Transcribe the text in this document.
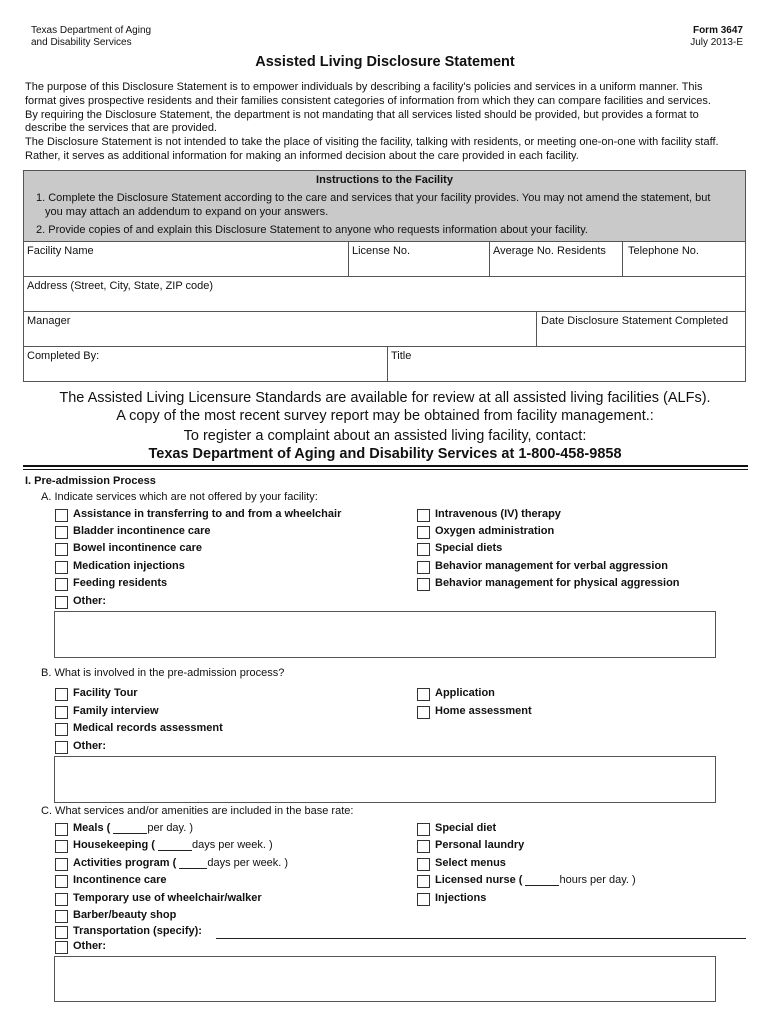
Texas Department of Aging
and Disability Services
Form 3647
July 2013-E
Assisted Living Disclosure Statement
The purpose of this Disclosure Statement is to empower individuals by describing a facility's policies and services in a uniform manner. This
format gives prospective residents and their families consistent categories of information from which they can compare facilities and services.
By requiring the Disclosure Statement, the department is not mandating that all services listed should be provided, but provides a format to
describe the services that are provided.
The Disclosure Statement is not intended to take the place of visiting the facility, talking with residents, or meeting one-on-one with facility staff.
Rather, it serves as additional information for making an informed decision about the care provided in each facility.
Instructions to the Facility
1. Complete the Disclosure Statement according to the care and services that your facility provides. You may not amend the statement, but
you may attach an addendum to expand on your answers.
2. Provide copies of and explain this Disclosure Statement to anyone who requests information about your facility.
Facility Name	License No.	Average No. Residents Telephone No.
Address (Street, City, State, ZIP code)
Manager	Date Disclosure Statement Completed
Completed By:	Title
The Assisted Living Licensure Standards are available for review at all assisted living facilities (ALFs).
A copy of the most recent survey report may be obtained from facility management.:
To register a complaint about an assisted living facility, contact:
Texas Department of Aging and Disability Services at 1-800-458-9858
I. Pre-admission Process
A. Indicate services which are not offered by your facility:
Assistance in transferring to and from a wheelchair
Bladder incontinence care
Bowel incontinence care
Medication injections
Feeding residents
Other:
Intravenous (IV) therapy
Oxygen administration
Special diets
Behavior management for verbal aggression
Behavior management for physical aggression
B. What is involved in the pre-admission process?
Facility Tour
Family interview
Medical records assessment
Other:
Application
Home assessment
C. What services and/or amenities are included in the base rate:
Meals (	per day. )
Housekeeping (	days per week. )
Activities program (	days per week. )
Incontinence care
Temporary use of wheelchair/walker
Barber/beauty shop
Transportation (specify):
Other:
Special diet
Personal laundry
Select menus
Licensed nurse (	hours per day. )
Injections
